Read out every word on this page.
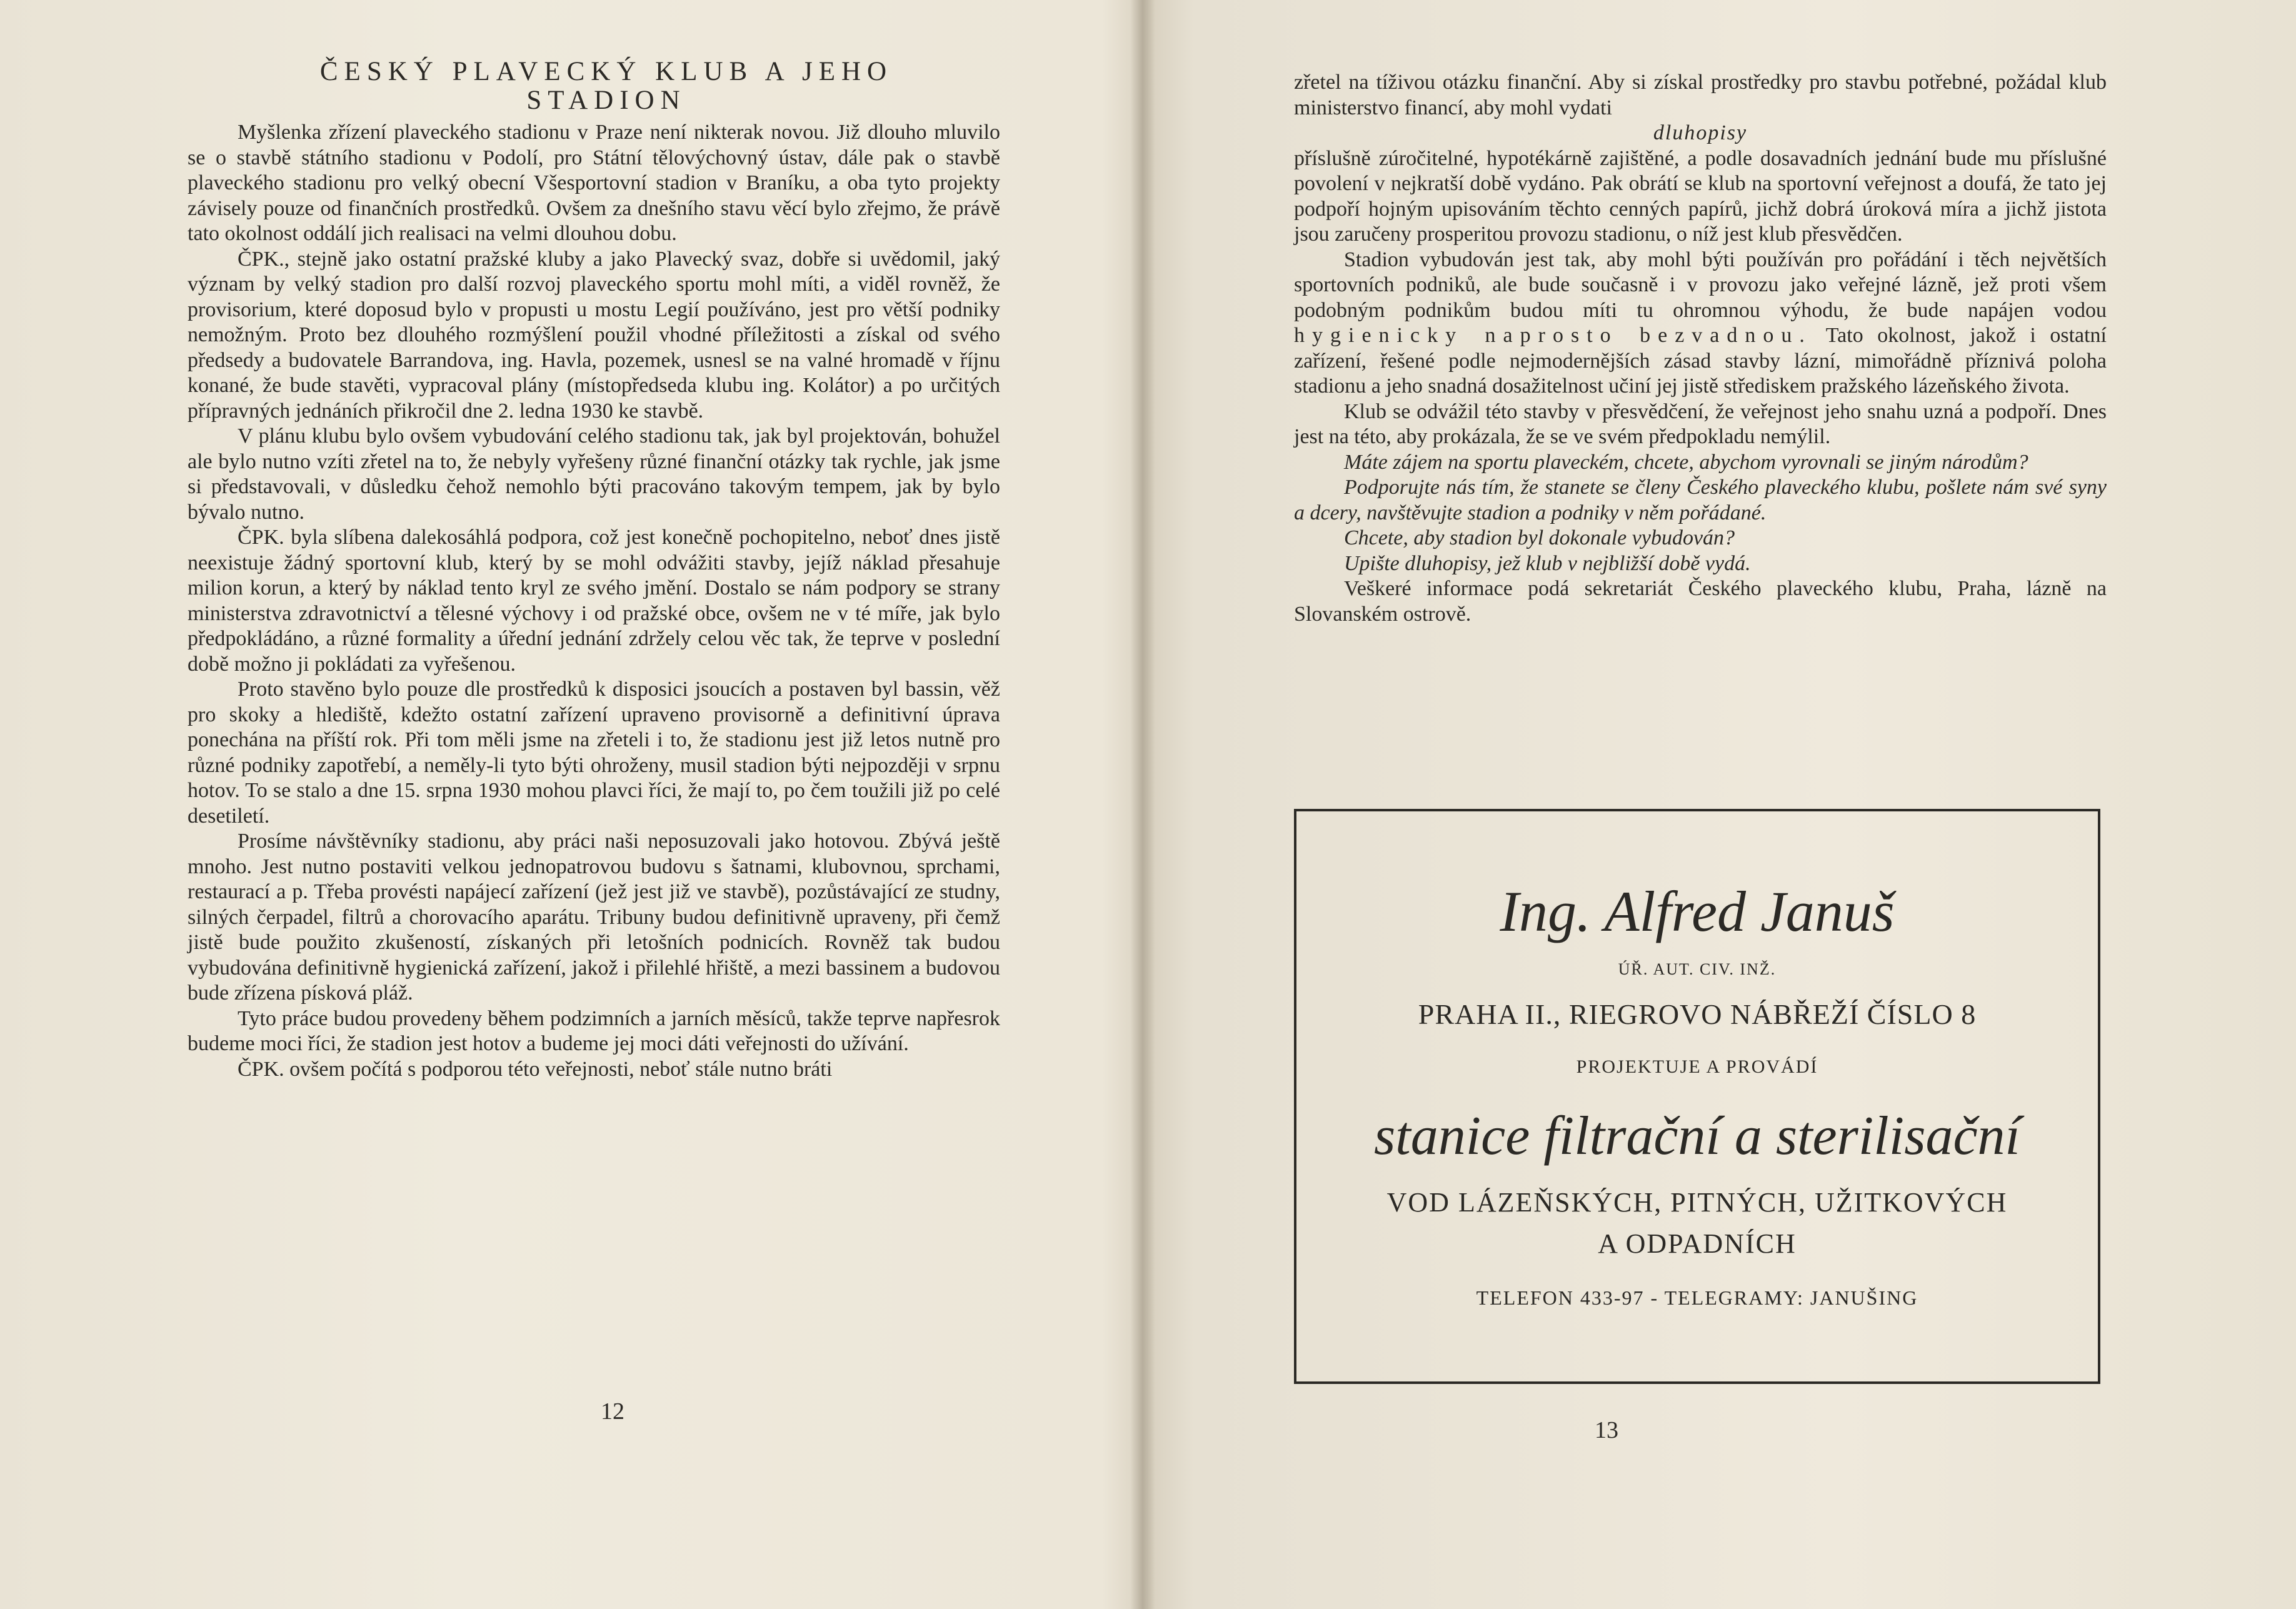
ČESKÝ PLAVECKÝ KLUB A JEHO
STADION

Myšlenka zřízení plaveckého stadionu v Praze není nikterak novou. Již dlouho mluvilo se o stavbě státního stadionu v Podolí, pro Státní tělovýchovný ústav, dále pak o stavbě plaveckého stadionu pro velký obecní Všesportovní stadion v Braníku, a oba tyto projekty závisely pouze od finančních prostředků. Ovšem za dnešního stavu věcí bylo zřejmo, že právě tato okolnost oddálí jich realisaci na velmi dlouhou dobu.

ČPK., stejně jako ostatní pražské kluby a jako Plavecký svaz, dobře si uvědomil, jaký význam by velký stadion pro další rozvoj plaveckého sportu mohl míti, a viděl rovněž, že provisorium, které doposud bylo v propusti u mostu Legií používáno, jest pro větší podniky nemožným. Proto bez dlouhého rozmýšlení použil vhodné příležitosti a získal od svého předsedy a budovatele Barrandova, ing. Havla, pozemek, usnesl se na valné hromadě v říjnu konané, že bude stavěti, vypracoval plány (místopředseda klubu ing. Kolátor) a po určitých přípravných jednáních přikročil dne 2. ledna 1930 ke stavbě.

V plánu klubu bylo ovšem vybudování celého stadionu tak, jak byl projektován, bohužel ale bylo nutno vzíti zřetel na to, že nebyly vyřešeny různé finanční otázky tak rychle, jak jsme si představovali, v důsledku čehož nemohlo býti pracováno takovým tempem, jak by bylo bývalo nutno.

ČPK. byla slíbena dalekosáhlá podpora, což jest konečně pochopitelno, neboť dnes jistě neexistuje žádný sportovní klub, který by se mohl odvážiti stavby, jejíž náklad přesahuje milion korun, a který by náklad tento kryl ze svého jmění. Dostalo se nám podpory se strany ministerstva zdravotnictví a tělesné výchovy i od pražské obce, ovšem ne v té míře, jak bylo předpokládáno, a různé formality a úřední jednání zdržely celou věc tak, že teprve v poslední době možno ji pokládati za vyřešenou.

Proto stavěno bylo pouze dle prostředků k disposici jsoucích a postaven byl bassin, věž pro skoky a hlediště, kdežto ostatní zařízení upraveno provisorně a definitivní úprava ponechána na příští rok. Při tom měli jsme na zřeteli i to, že stadionu jest již letos nutně pro různé podniky zapotřebí, a neměly-li tyto býti ohroženy, musil stadion býti nejpozději v srpnu hotov. To se stalo a dne 15. srpna 1930 mohou plavci říci, že mají to, po čem toužili již po celé desetiletí.

Prosíme návštěvníky stadionu, aby práci naši neposuzovali jako hotovou. Zbývá ještě mnoho. Jest nutno postaviti velkou jednopatrovou budovu s šatnami, klubovnou, sprchami, restaurací a p. Třeba provésti napájecí zařízení (jež jest již ve stavbě), pozůstávající ze studny, silných čerpadel, filtrů a chorovacího aparátu. Tribuny budou definitivně upraveny, při čemž jistě bude použito zkušeností, získaných při letošních podnicích. Rovněž tak budou vybudována definitivně hygienická zařízení, jakož i přilehlé hřiště, a mezi bassinem a budovou bude zřízena písková pláž.

Tyto práce budou provedeny během podzimních a jarních měsíců, takže teprve napřesrok budeme moci říci, že stadion jest hotov a budeme jej moci dáti veřejnosti do užívání.

ČPK. ovšem počítá s podporou této veřejnosti, neboť stále nutno bráti

12

zřetel na tíživou otázku finanční. Aby si získal prostředky pro stavbu potřebné, požádal klub ministerstvo financí, aby mohl vydati

dluhopisy

příslušně zúročitelné, hypotékárně zajištěné, a podle dosavadních jednání bude mu příslušné povolení v nejkratší době vydáno. Pak obrátí se klub na sportovní veřejnost a doufá, že tato jej podpoří hojným upisováním těchto cenných papírů, jichž dobrá úroková míra a jichž jistota jsou zaručeny prosperitou provozu stadionu, o níž jest klub přesvědčen.

Stadion vybudován jest tak, aby mohl býti používán pro pořádání i těch největších sportovních podniků, ale bude současně i v provozu jako veřejné lázně, jež proti všem podobným podnikům budou míti tu ohromnou výhodu, že bude napájen vodou hygienicky naprosto bezvadnou. Tato okolnost, jakož i ostatní zařízení, řešené podle nejmodernějších zásad stavby lázní, mimořádně příznivá poloha stadionu a jeho snadná dosažitelnost učiní jej jistě střediskem pražského lázeňského života.

Klub se odvážil této stavby v přesvědčení, že veřejnost jeho snahu uzná a podpoří. Dnes jest na této, aby prokázala, že se ve svém předpokladu nemýlil.

Máte zájem na sportu plaveckém, chcete, abychom vyrovnali se jiným národům?

Podporujte nás tím, že stanete se členy Českého plaveckého klubu, pošlete nám své syny a dcery, navštěvujte stadion a podniky v něm pořádané.

Chcete, aby stadion byl dokonale vybudován?

Upište dluhopisy, jež klub v nejbližší době vydá.

Veškeré informace podá sekretariát Českého plaveckého klubu, Praha, lázně na Slovanském ostrově.

Ing. Alfred Januš
ÚŘ. AUT. CIV. INŽ.
PRAHA II., RIEGROVO NÁBŘEŽÍ ČÍSLO 8
PROJEKTUJE A PROVÁDÍ
stanice filtrační a sterilisační
VOD LÁZEŇSKÝCH, PITNÝCH, UŽITKOVÝCH
A ODPADNÍCH
TELEFON 433-97 - TELEGRAMY: JANUŠING
13
